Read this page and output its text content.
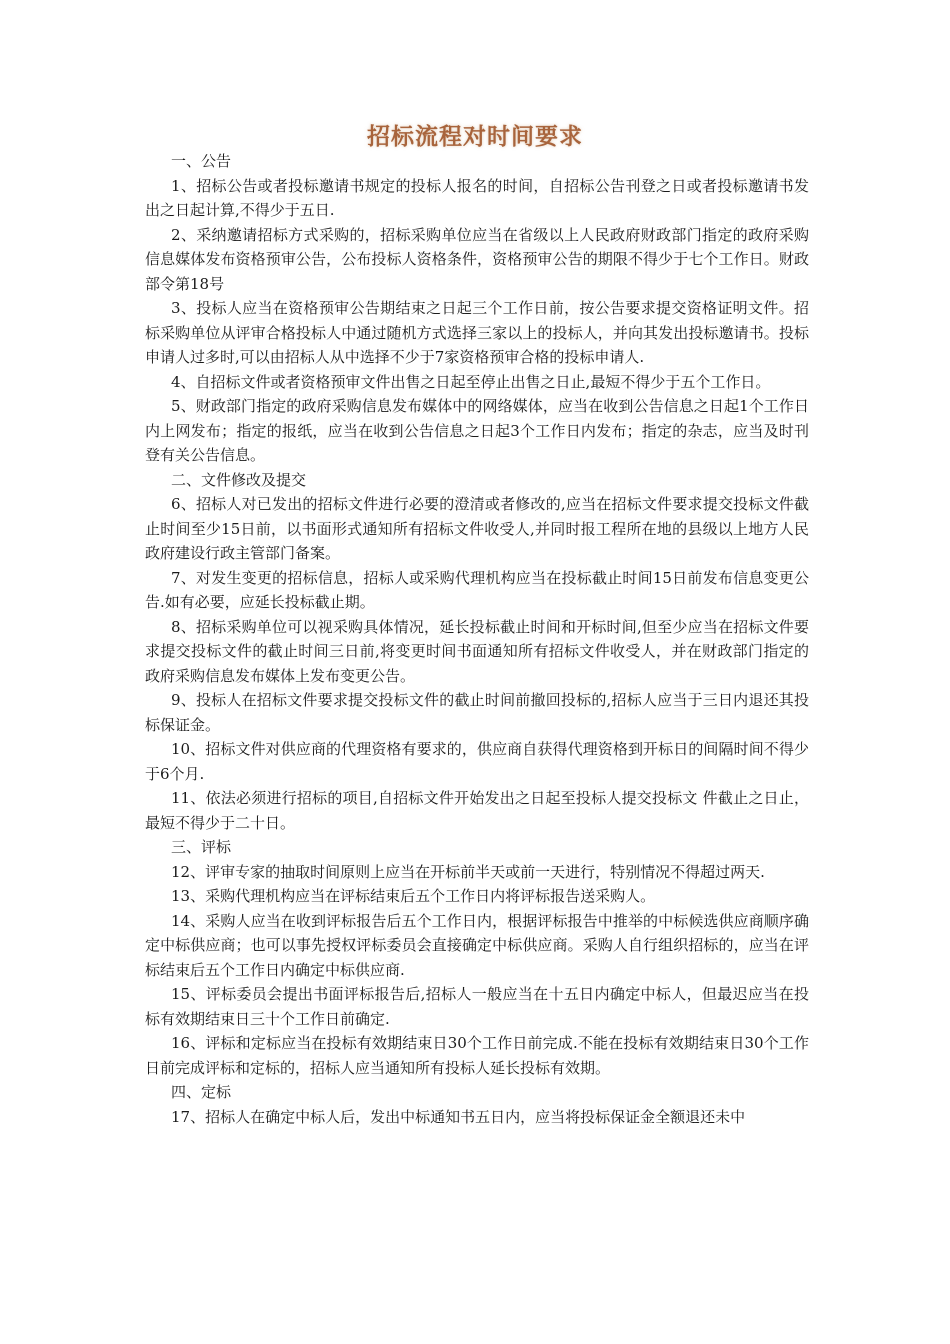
招标流程对时间要求

一、公告

1、招标公告或者投标邀请书规定的投标人报名的时间，自招标公告刊登之日或者投标邀请书发出之日起计算,不得少于五日.

2、采纳邀请招标方式采购的，招标采购单位应当在省级以上人民政府财政部门指定的政府采购信息媒体发布资格预审公告，公布投标人资格条件，资格预审公告的期限不得少于七个工作日。财政部令第18号

3、投标人应当在资格预审公告期结束之日起三个工作日前，按公告要求提交资格证明文件。招标采购单位从评审合格投标人中通过随机方式选择三家以上的投标人，并向其发出投标邀请书。投标申请人过多时,可以由招标人从中选择不少于7家资格预审合格的投标申请人.

4、自招标文件或者资格预审文件出售之日起至停止出售之日止,最短不得少于五个工作日。

5、财政部门指定的政府采购信息发布媒体中的网络媒体，应当在收到公告信息之日起1个工作日内上网发布；指定的报纸，应当在收到公告信息之日起3个工作日内发布；指定的杂志，应当及时刊登有关公告信息。

二、文件修改及提交

6、招标人对已发出的招标文件进行必要的澄清或者修改的,应当在招标文件要求提交投标文件截止时间至少15日前，以书面形式通知所有招标文件收受人,并同时报工程所在地的县级以上地方人民政府建设行政主管部门备案。

7、对发生变更的招标信息，招标人或采购代理机构应当在投标截止时间15日前发布信息变更公告.如有必要，应延长投标截止期。

8、招标采购单位可以视采购具体情况，延长投标截止时间和开标时间,但至少应当在招标文件要求提交投标文件的截止时间三日前,将变更时间书面通知所有招标文件收受人，并在财政部门指定的政府采购信息发布媒体上发布变更公告。

9、投标人在招标文件要求提交投标文件的截止时间前撤回投标的,招标人应当于三日内退还其投标保证金。

10、招标文件对供应商的代理资格有要求的，供应商自获得代理资格到开标日的间隔时间不得少于6个月.

11、依法必须进行招标的项目,自招标文件开始发出之日起至投标人提交投标文 件截止之日止，最短不得少于二十日。

三、评标

12、评审专家的抽取时间原则上应当在开标前半天或前一天进行，特别情况不得超过两天.

13、采购代理机构应当在评标结束后五个工作日内将评标报告送采购人。

14、采购人应当在收到评标报告后五个工作日内，根据评标报告中推举的中标候选供应商顺序确定中标供应商；也可以事先授权评标委员会直接确定中标供应商。采购人自行组织招标的，应当在评标结束后五个工作日内确定中标供应商.

15、评标委员会提出书面评标报告后,招标人一般应当在十五日内确定中标人，但最迟应当在投标有效期结束日三十个工作日前确定.

16、评标和定标应当在投标有效期结束日30个工作日前完成.不能在投标有效期结束日30个工作日前完成评标和定标的，招标人应当通知所有投标人延长投标有效期。

四、定标

17、招标人在确定中标人后，发出中标通知书五日内，应当将投标保证金全额退还未中
